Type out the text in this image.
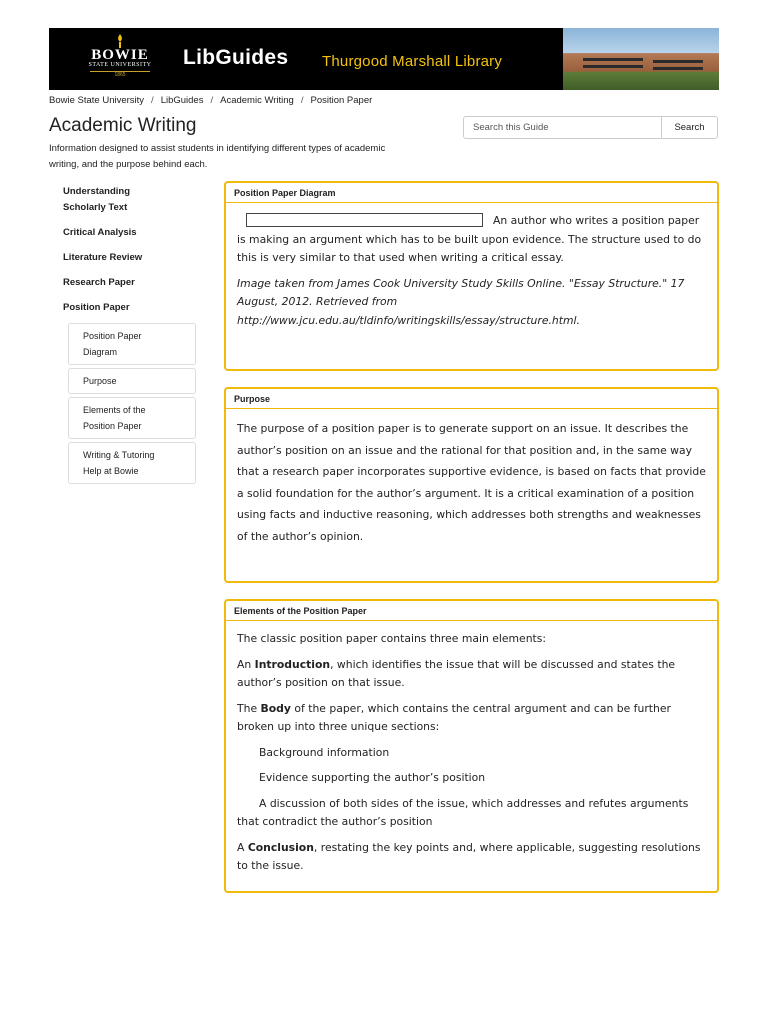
BOWIE
STATE UNIVERSITY
1865
LibGuides Thurgood Marshall Library
Bowie State University / LibGuides / Academic Writing / Position Paper
Academic Writing
Information designed to assist students in identifying different types of academic writing, and the purpose behind each.
Search this Guide
Search
Understanding Scholarly Text
Critical Analysis
Literature Review
Research Paper
Position Paper
Position Paper Diagram
Purpose
Elements of the Position Paper
Writing & Tutoring Help at Bowie
Position Paper Diagram

An author who writes a position paper is making an argument which has to be built upon evidence. The structure used to do this is very similar to that used when writing a critical essay.

Image taken from James Cook University Study Skills Online. "Essay Structure." 17 August, 2012. Retrieved from http://www.jcu.edu.au/tldinfo/writingskills/essay/structure.html.

Purpose

The purpose of a position paper is to generate support on an issue. It describes the author’s position on an issue and the rational for that position and, in the same way that a research paper incorporates supportive evidence, is based on facts that provide a solid foundation for the author’s argument. It is a critical examination of a position using facts and inductive reasoning, which addresses both strengths and weaknesses of the author’s opinion.

Elements of the Position Paper

The classic position paper contains three main elements:

An Introduction, which identifies the issue that will be discussed and states the author’s position on that issue.

The Body of the paper, which contains the central argument and can be further broken up into three unique sections:

Background information

Evidence supporting the author’s position

A discussion of both sides of the issue, which addresses and refutes arguments that contradict the author’s position

A Conclusion, restating the key points and, where applicable, suggesting resolutions to the issue.
